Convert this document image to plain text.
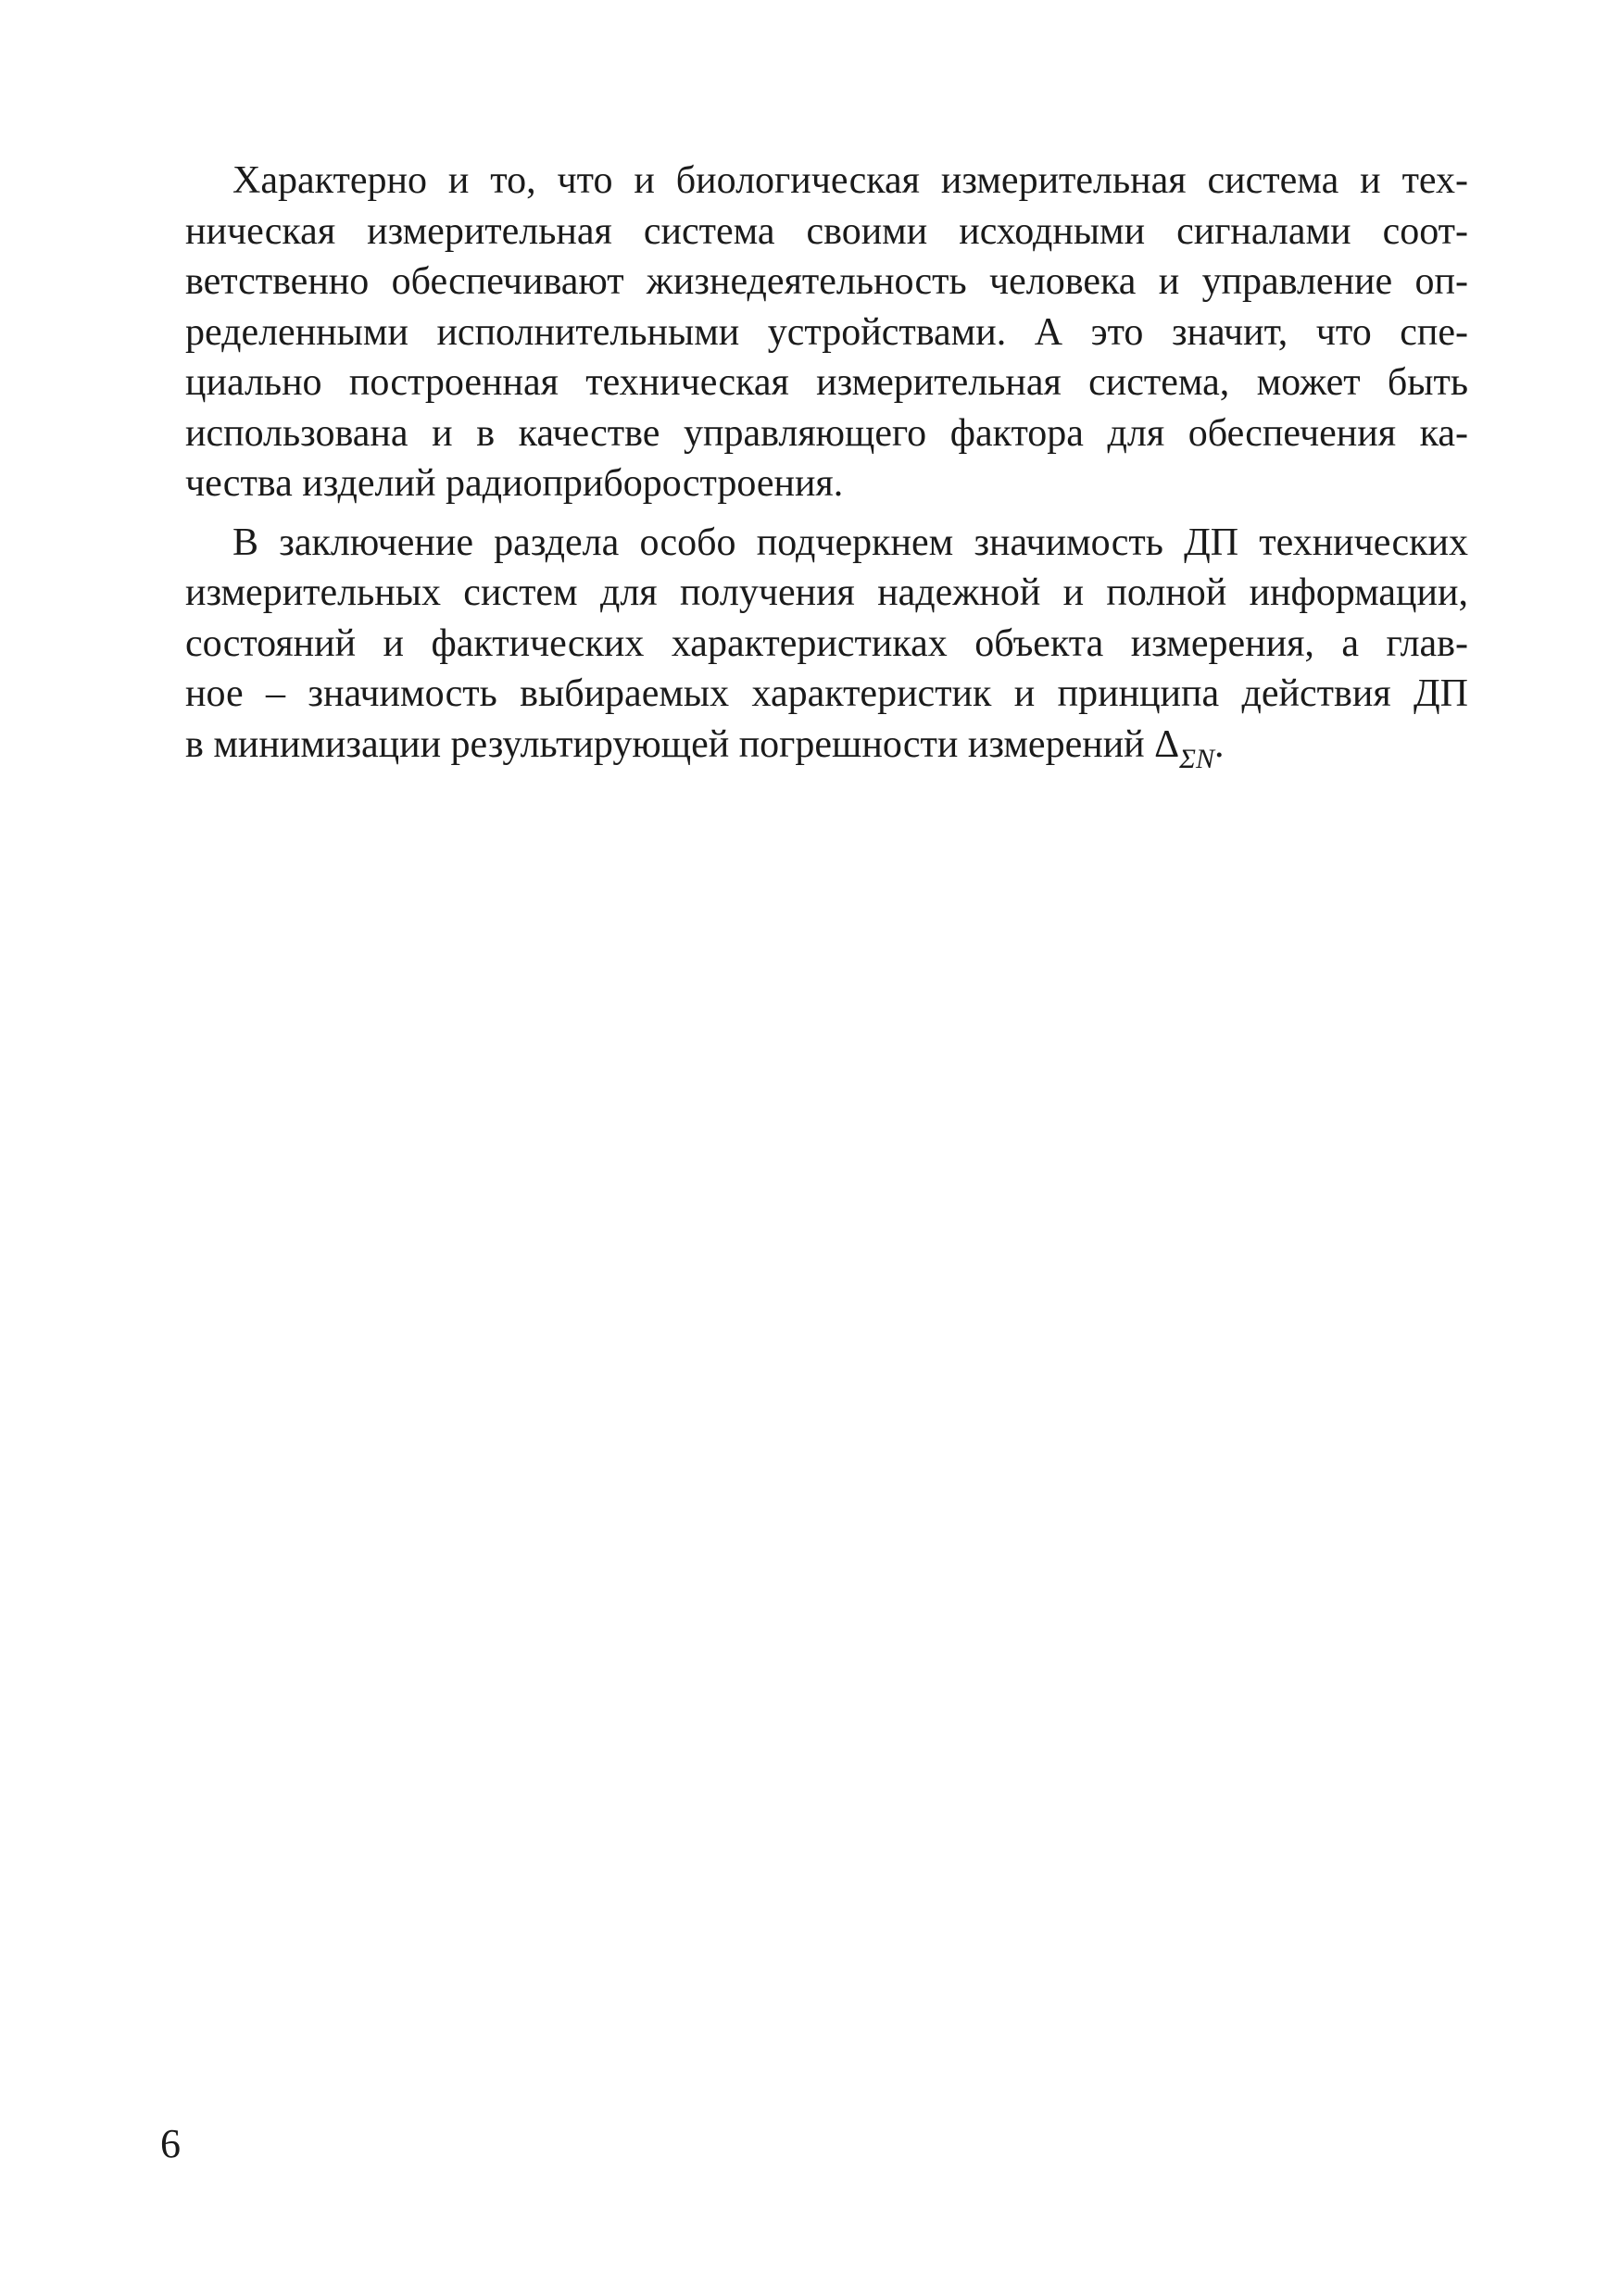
Характерно и то, что и биологическая измерительная система и тех-
ническая измерительная система своими исходными сигналами соот-
ветственно обеспечивают жизнедеятельность человека и управление оп-
ределенными исполнительными устройствами. А это значит, что спе-
циально построенная техническая измерительная система, может быть
использована и в качестве управляющего фактора для обеспечения ка-
чества изделий радиоприборостроения.
В заключение раздела особо подчеркнем значимость ДП технических
измерительных систем для получения надежной и полной информации,
состояний и фактических характеристиках объекта измерения, а глав-
ное – значимость выбираемых характеристик и принципа действия ДП
в минимизации результирующей погрешности измерений $\Delta_{\Sigma N}$.
6
